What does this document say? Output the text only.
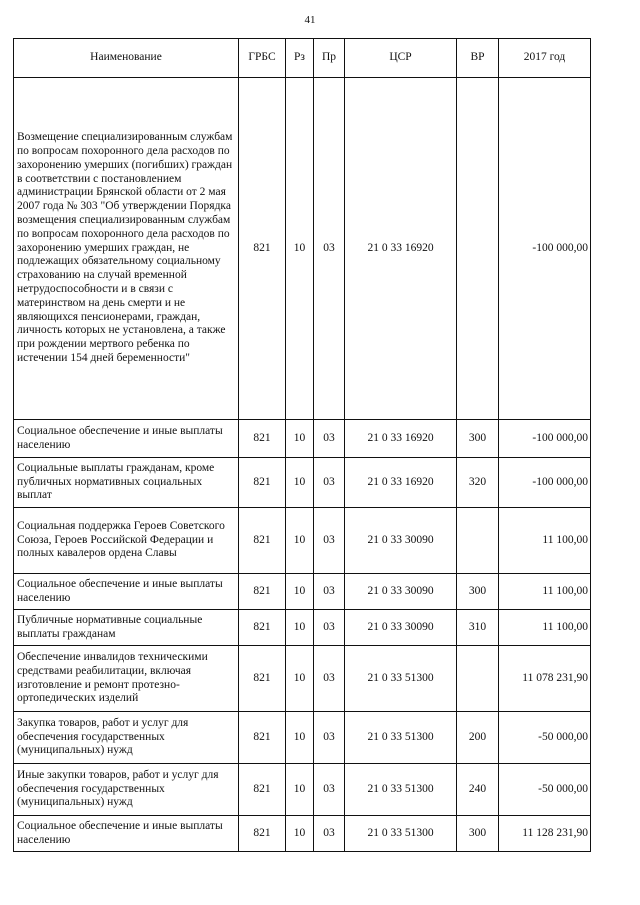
41
Наименование	ГРБС	Рз	Пр	ЦСР	ВР	2017 год
Возмещение специализированным службам по вопросам похоронного дела расходов по захоронению умерших (погибших) граждан в соответствии с постановлением администрации Брянской области от 2 мая 2007 года № 303 "Об утверждении Порядка возмещения специализированным службам по вопросам похоронного дела расходов по захоронению умерших граждан, не подлежащих обязательному социальному страхованию на случай временной нетрудоспособности и в связи с материнством на день смерти и не являющихся пенсионерами, граждан, личность которых не установлена, а также при рождении мертвого ребенка по истечении 154 дней беременности"	821	10	03	21 0 33 16920		-100 000,00
Социальное обеспечение и иные выплаты населению	821	10	03	21 0 33 16920	300	-100 000,00
Социальные выплаты гражданам, кроме публичных нормативных социальных выплат	821	10	03	21 0 33 16920	320	-100 000,00
Социальная поддержка Героев Советского Союза, Героев Российской Федерации и полных кавалеров ордена Славы	821	10	03	21 0 33 30090		11 100,00
Социальное обеспечение и иные выплаты населению	821	10	03	21 0 33 30090	300	11 100,00
Публичные нормативные социальные выплаты гражданам	821	10	03	21 0 33 30090	310	11 100,00
Обеспечение инвалидов техническими средствами реабилитации, включая изготовление и ремонт протезно-ортопедических изделий	821	10	03	21 0 33 51300		11 078 231,90
Закупка товаров, работ и услуг для обеспечения государственных (муниципальных) нужд	821	10	03	21 0 33 51300	200	-50 000,00
Иные закупки товаров, работ и услуг для обеспечения государственных (муниципальных) нужд	821	10	03	21 0 33 51300	240	-50 000,00
Социальное обеспечение и иные выплаты населению	821	10	03	21 0 33 51300	300	11 128 231,90
